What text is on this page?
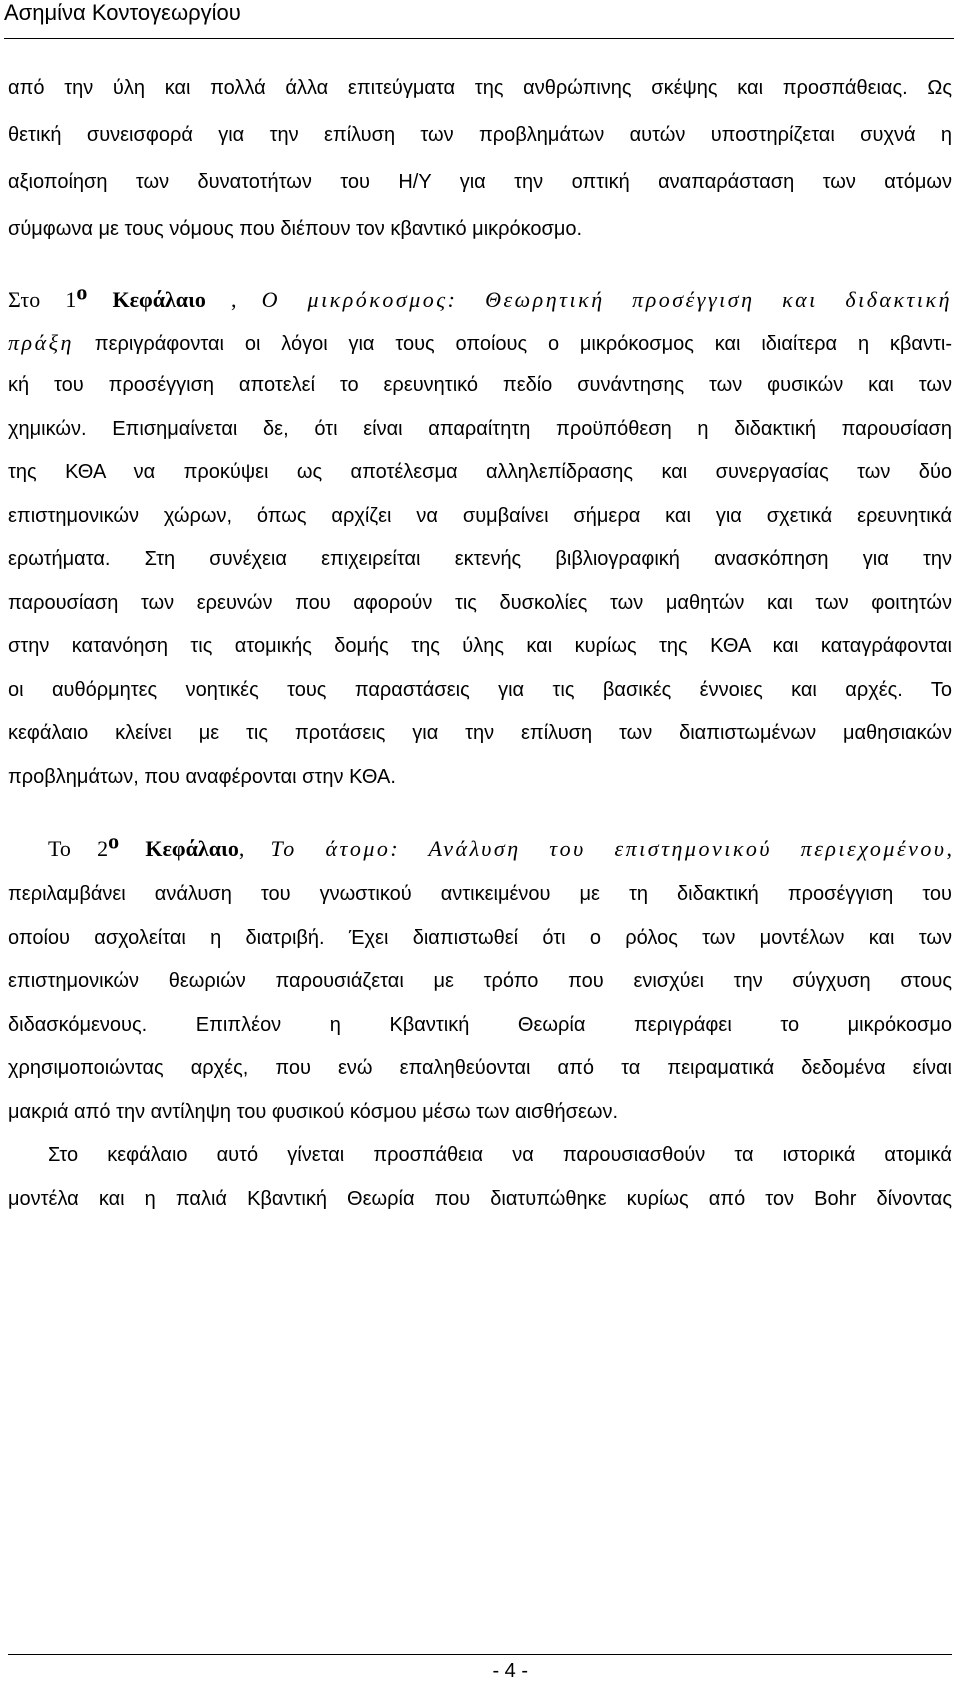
Ασημίνα Κοντογεωργίου
από την ύλη και πολλά άλλα επιτεύγματα της ανθρώπινης σκέψης και προσπάθειας. Ως
θετική συνεισφορά για την επίλυση των προβλημάτων αυτών υποστηρίζεται συχνά η
αξιοποίηση των δυνατοτήτων του Η/Υ για την οπτική αναπαράσταση των ατόμων
σύμφωνα με τους νόμους που διέπουν τον κβαντικό μικρόκοσμο.
Στο $1^o$ Κεφάλαιο , Ο μικρόκοσμος: Θεωρητική προσέγγιση και διδακτική
πράξη περιγράφονται οι λόγοι για τους οποίους ο μικρόκοσμος και ιδιαίτερα η κβαντι-
κή του προσέγγιση αποτελεί το ερευνητικό πεδίο συνάντησης των φυσικών και των
χημικών. Επισημαίνεται δε, ότι είναι απαραίτητη προϋπόθεση η διδακτική παρουσίαση
της ΚΘΑ να προκύψει ως αποτέλεσμα αλληλεπίδρασης και συνεργασίας των δύο
επιστημονικών χώρων, όπως αρχίζει να συμβαίνει σήμερα και για σχετικά ερευνητικά
ερωτήματα. Στη συνέχεια επιχειρείται εκτενής βιβλιογραφική ανασκόπηση για την
παρουσίαση των ερευνών που αφορούν τις δυσκολίες των μαθητών και των φοιτητών
στην κατανόηση τις ατομικής δομής της ύλης και κυρίως της ΚΘΑ και καταγράφονται
οι αυθόρμητες νοητικές τους παραστάσεις για τις βασικές έννοιες και αρχές. Το
κεφάλαιο κλείνει με τις προτάσεις για την επίλυση των διαπιστωμένων μαθησιακών
προβλημάτων, που αναφέρονται στην ΚΘΑ.
Το $2^o$ Κεφάλαιο, Το άτομο: Ανάλυση του επιστημονικού περιεχομένου,
περιλαμβάνει ανάλυση του γνωστικού αντικειμένου με τη διδακτική προσέγγιση του
οποίου ασχολείται η διατριβή. Έχει διαπιστωθεί ότι ο ρόλος των μοντέλων και των
επιστημονικών θεωριών παρουσιάζεται με τρόπο που ενισχύει την σύγχυση στους
διδασκόμενους. Επιπλέον η Κβαντική Θεωρία περιγράφει το μικρόκοσμο
χρησιμοποιώντας αρχές, που ενώ επαληθεύονται από τα πειραματικά δεδομένα είναι
μακριά από την αντίληψη του φυσικού κόσμου μέσω των αισθήσεων.
Στο κεφάλαιο αυτό γίνεται προσπάθεια να παρουσιασθούν τα ιστορικά ατομικά
μοντέλα και η παλιά Κβαντική Θεωρία που διατυπώθηκε κυρίως από τον Bohr δίνοντας
- 4 -
